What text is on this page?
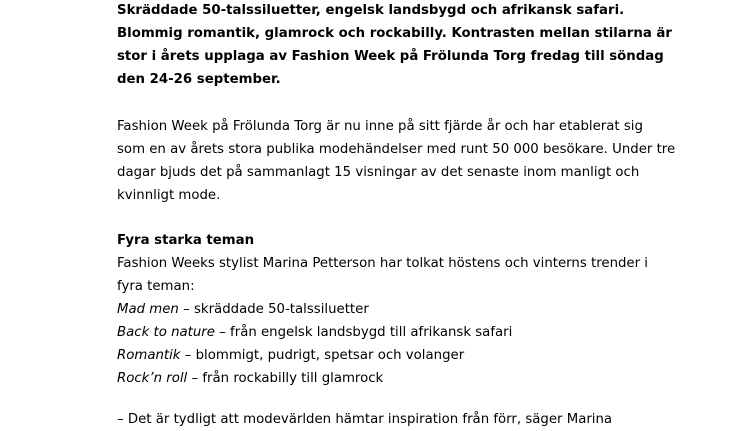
Skräddade 50-talssiluetter, engelsk landsbygd och afrikansk safari.
Blommig romantik, glamrock och rockabilly. Kontrasten mellan stilarna är
stor i årets upplaga av Fashion Week på Frölunda Torg fredag till söndag
den 24-26 september.
Fashion Week på Frölunda Torg är nu inne på sitt fjärde år och har etablerat sig
som en av årets stora publika modehändelser med runt 50 000 besökare. Under tre
dagar bjuds det på sammanlagt 15 visningar av det senaste inom manligt och
kvinnligt mode.
Fyra starka teman
Fashion Weeks stylist Marina Petterson har tolkat höstens och vinterns trender i
fyra teman:
Mad men – skräddade 50-talssiluetter
Back to nature – från engelsk landsbygd till afrikansk safari
Romantik – blommigt, pudrigt, spetsar och volanger
Rock’n roll – från rockabilly till glamrock
– Det är tydligt att modevärlden hämtar inspiration från förr, säger Marina
